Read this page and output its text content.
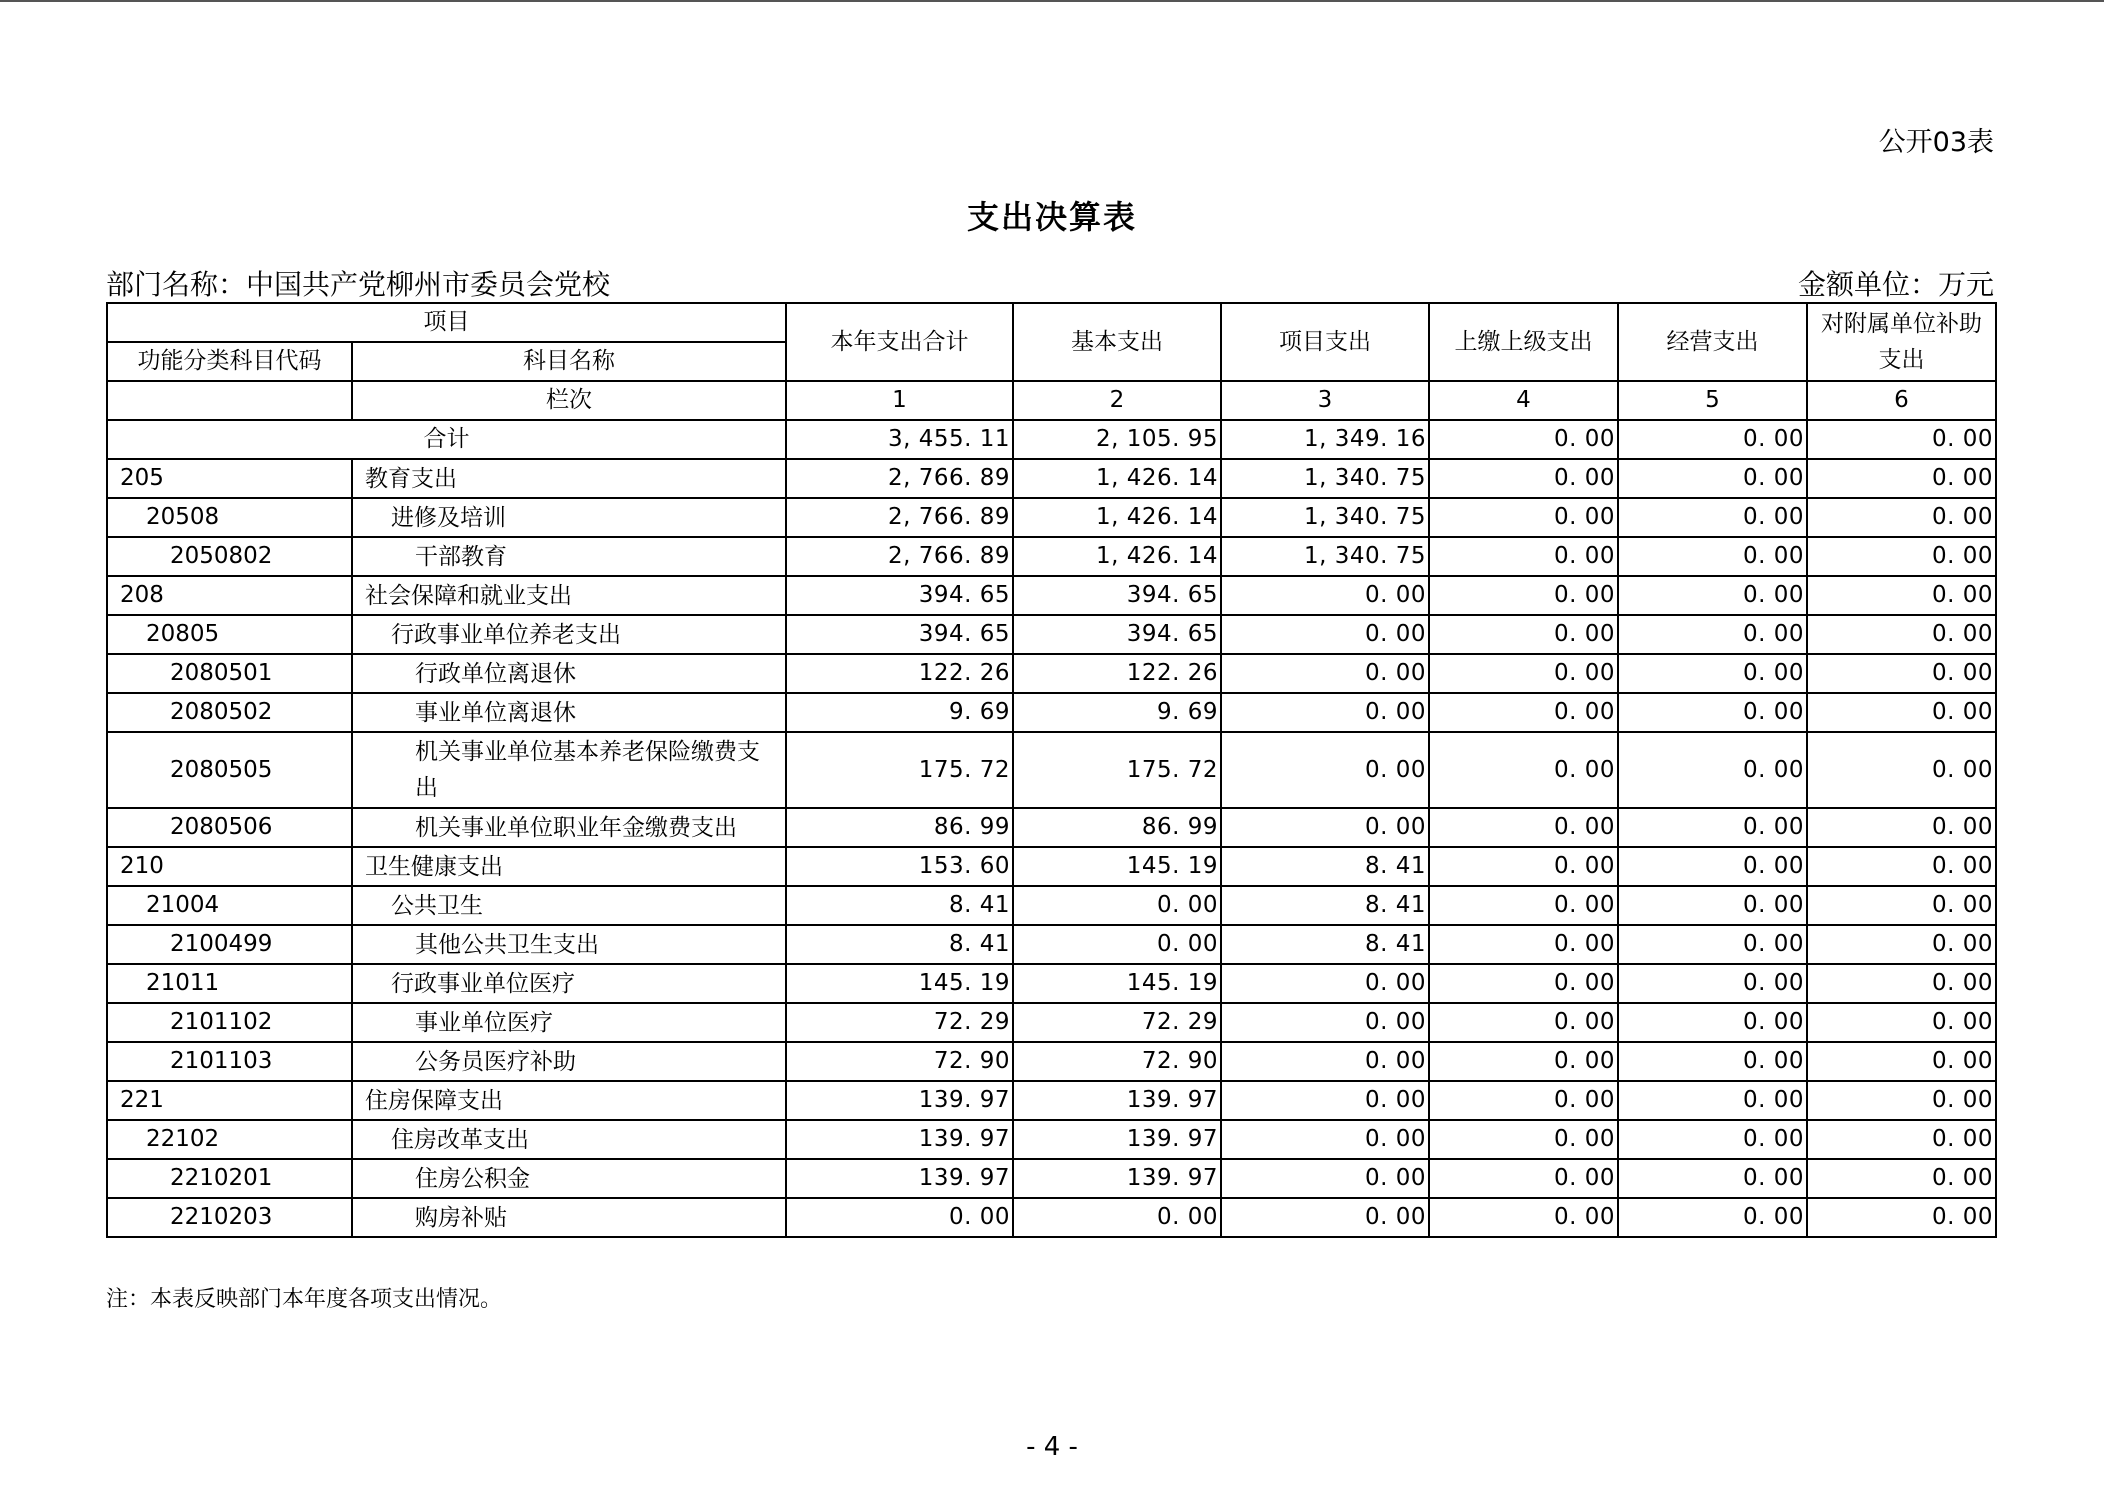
公开03表
支出决算表
部门名称：中国共产党柳州市委员会党校	金额单位：万元
项目		本年支出合计	基本支出	项目支出	上缴上级支出	经营支出	对附属单位补助支出
功能分类科目代码	科目名称						
	栏次	1	2	3	4	5	6
合计		3, 455. 11	2, 105. 95	1, 349. 16	0. 00	0. 00	0. 00
205	教育支出	2, 766. 89	1, 426. 14	1, 340. 75	0. 00	0. 00	0. 00
20508	进修及培训	2, 766. 89	1, 426. 14	1, 340. 75	0. 00	0. 00	0. 00
2050802	干部教育	2, 766. 89	1, 426. 14	1, 340. 75	0. 00	0. 00	0. 00
208	社会保障和就业支出	394. 65	394. 65	0. 00	0. 00	0. 00	0. 00
20805	行政事业单位养老支出	394. 65	394. 65	0. 00	0. 00	0. 00	0. 00
2080501	行政单位离退休	122. 26	122. 26	0. 00	0. 00	0. 00	0. 00
2080502	事业单位离退休	9. 69	9. 69	0. 00	0. 00	0. 00	0. 00
2080505	机关事业单位基本养老保险缴费支出	175. 72	175. 72	0. 00	0. 00	0. 00	0. 00
2080506	机关事业单位职业年金缴费支出	86. 99	86. 99	0. 00	0. 00	0. 00	0. 00
210	卫生健康支出	153. 60	145. 19	8. 41	0. 00	0. 00	0. 00
21004	公共卫生	8. 41	0. 00	8. 41	0. 00	0. 00	0. 00
2100499	其他公共卫生支出	8. 41	0. 00	8. 41	0. 00	0. 00	0. 00
21011	行政事业单位医疗	145. 19	145. 19	0. 00	0. 00	0. 00	0. 00
2101102	事业单位医疗	72. 29	72. 29	0. 00	0. 00	0. 00	0. 00
2101103	公务员医疗补助	72. 90	72. 90	0. 00	0. 00	0. 00	0. 00
221	住房保障支出	139. 97	139. 97	0. 00	0. 00	0. 00	0. 00
22102	住房改革支出	139. 97	139. 97	0. 00	0. 00	0. 00	0. 00
2210201	住房公积金	139. 97	139. 97	0. 00	0. 00	0. 00	0. 00
2210203	购房补贴	0. 00	0. 00	0. 00	0. 00	0. 00	0. 00
注：本表反映部门本年度各项支出情况。
- 4 -
